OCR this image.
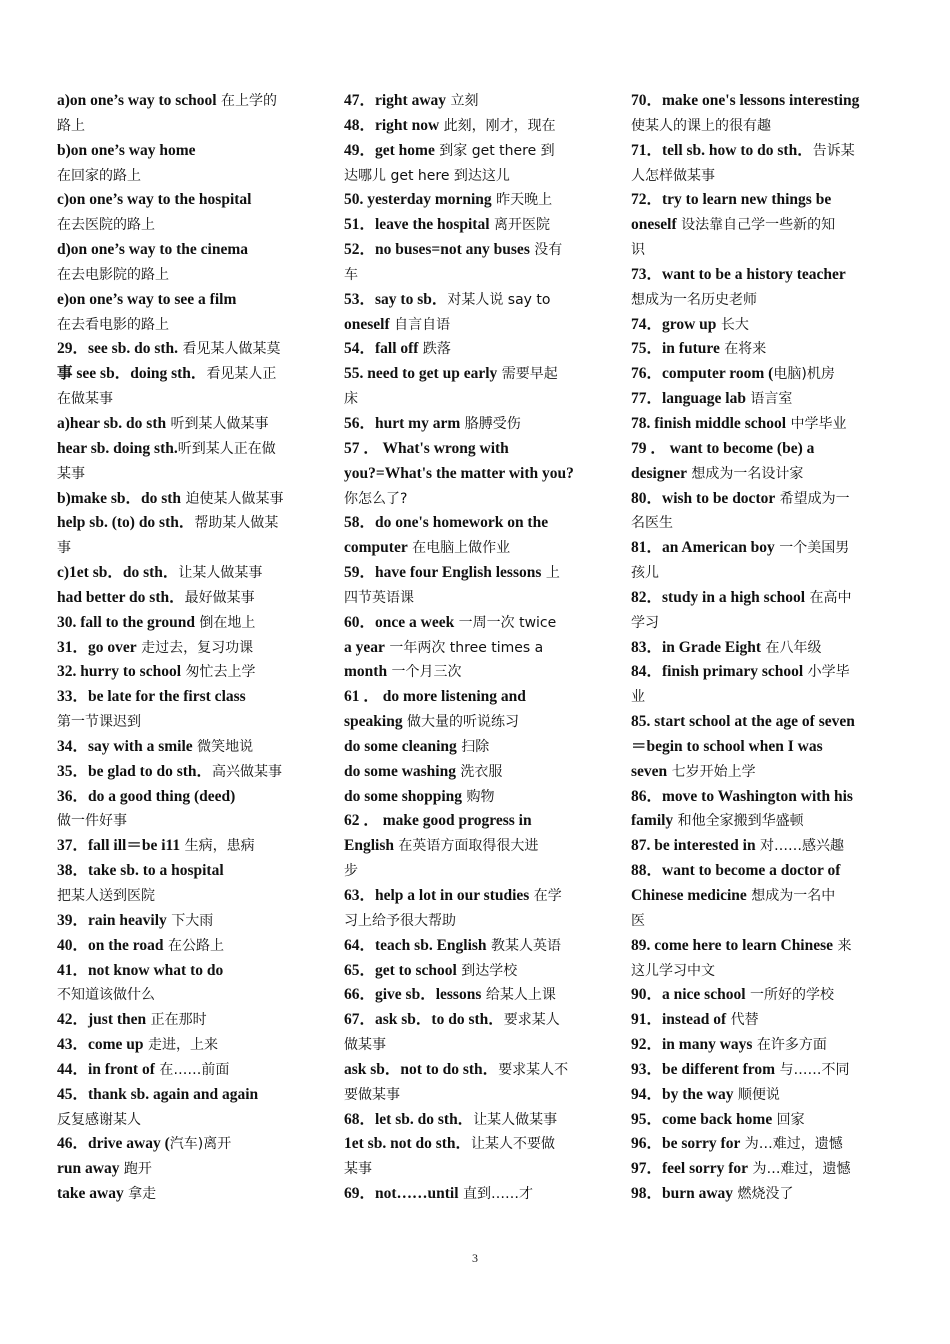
a)on one’s way to school 在上学的
路上
b)on one’s way home
在回家的路上
c)on one’s way to the hospital
在去医院的路上
d)on one’s way to the cinema
在去电影院的路上
e)on one’s way to see a film
在去看电影的路上
29．see sb. do sth. 看见某人做某莫
事 see sb．doing sth．看见某人正
在做某事
a)hear sb. do sth 听到某人做某事
hear sb. doing sth.听到某人正在做
某事
b)make sb．do sth 迫使某人做某事
help sb. (to) do sth．帮助某人做某
事
c)1et sb．do sth．让某人做某事
had better do sth．最好做某事
30. fall to the ground 倒在地上
31．go over 走过去，复习功课
32. hurry to school 匆忙去上学
33．be late for the first class
第一节课迟到
34．say with a smile 微笑地说
35．be glad to do sth．高兴做某事
36．do a good thing (deed)
做一件好事
37．fall ill＝be i11 生病，患病
38．take sb. to a hospital
把某人送到医院
39．rain heavily 下大雨
40．on the road 在公路上
41．not know what to do
不知道该做什么
42．just then 正在那时
43．come up 走进，上来
44．in front of 在……前面
45．thank sb. again and again
反复感谢某人
46．drive away (汽车)离开
run away 跑开
take away 拿走
47．right away 立刻
48．right now 此刻，刚才，现在
49．get home 到家 get there 到
达哪儿 get here 到达这儿
50. yesterday morning 昨天晚上
51．leave the hospital 离开医院
52．no buses=not any buses 没有
车
53．say to sb．对某人说 say to
oneself 自言自语
54．fall off 跌落
55. need to get up early 需要早起
床
56．hurt my arm 胳膊受伤
57 ． What's wrong with
you?=What's the matter with you?
你怎么了?
58．do one's homework on the
computer 在电脑上做作业
59．have four English lessons 上
四节英语课
60．once a week 一周一次 twice
a year 一年两次 three times a
month 一个月三次
61 ． do more listening and
speaking 做大量的听说练习
do some cleaning 扫除
do some washing 洗衣服
do some shopping 购物
62 ． make good progress in
English 在英语方面取得很大进
步
63．help a lot in our studies 在学
习上给予很大帮助
64．teach sb. English 教某人英语
65．get to school 到达学校
66．give sb．lessons 给某人上课
67．ask sb．to do sth．要求某人
做某事
ask sb．not to do sth．要求某人不
要做某事
68．let sb. do sth．让某人做某事
1et sb. not do sth．让某人不要做
某事
69．not……until 直到……才
70．make one's lessons interesting
使某人的课上的很有趣
71．tell sb. how to do sth．告诉某
人怎样做某事
72．try to learn new things be
oneself 设法靠自己学一些新的知
识
73．want to be a history teacher
想成为一名历史老师
74．grow up 长大
75．in future 在将来
76．computer room (电脑)机房
77．language lab 语言室
78. finish middle school 中学毕业
79 ． want to become (be) a
designer 想成为一名设计家
80．wish to be doctor 希望成为一
名医生
81．an American boy 一个美国男
孩儿
82．study in a high school 在高中
学习
83．in Grade Eight 在八年级
84．finish primary school 小学毕
业
85. start school at the age of seven
＝begin to school when I was
seven 七岁开始上学
86．move to Washington with his
family 和他全家搬到华盛顿
87. be interested in 对……感兴趣
88．want to become a doctor of
Chinese medicine 想成为一名中
医
89. come here to learn Chinese 来
这儿学习中文
90．a nice school 一所好的学校
91．instead of 代替
92．in many ways 在许多方面
93．be different from 与……不同
94．by the way 顺便说
95．come back home 回家
96．be sorry for 为…难过，遗憾
97．feel sorry for 为…难过，遗憾
98．burn away 燃烧没了
3
